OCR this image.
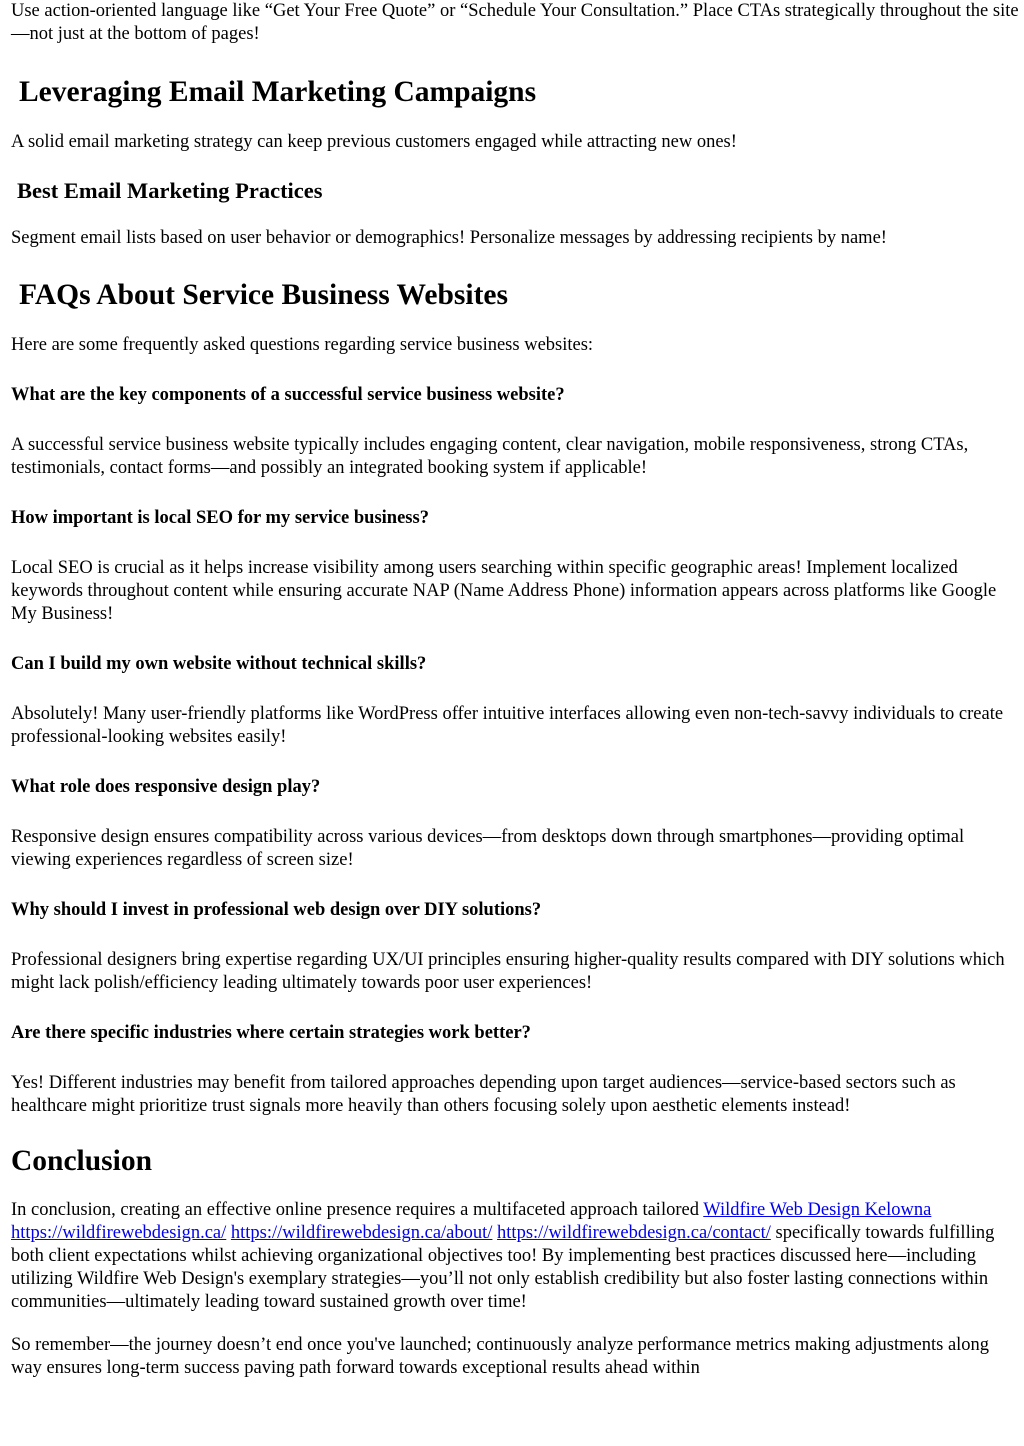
Use action-oriented language like “Get Your Free Quote” or “Schedule Your Consultation.” Place CTAs strategically throughout the site—not just at the bottom of pages!

Leveraging Email Marketing Campaigns

A solid email marketing strategy can keep previous customers engaged while attracting new ones!

Best Email Marketing Practices

Segment email lists based on user behavior or demographics! Personalize messages by addressing recipients by name!

FAQs About Service Business Websites

Here are some frequently asked questions regarding service business websites:

What are the key components of a successful service business website?

A successful service business website typically includes engaging content, clear navigation, mobile responsiveness, strong CTAs, testimonials, contact forms—and possibly an integrated booking system if applicable!

How important is local SEO for my service business?

Local SEO is crucial as it helps increase visibility among users searching within specific geographic areas! Implement localized keywords throughout content while ensuring accurate NAP (Name Address Phone) information appears across platforms like Google My Business!

Can I build my own website without technical skills?

Absolutely! Many user-friendly platforms like WordPress offer intuitive interfaces allowing even non-tech-savvy individuals to create professional-looking websites easily!

What role does responsive design play?

Responsive design ensures compatibility across various devices—from desktops down through smartphones—providing optimal viewing experiences regardless of screen size!

Why should I invest in professional web design over DIY solutions?

Professional designers bring expertise regarding UX/UI principles ensuring higher-quality results compared with DIY solutions which might lack polish/efficiency leading ultimately towards poor user experiences!

Are there specific industries where certain strategies work better?

Yes! Different industries may benefit from tailored approaches depending upon target audiences—service-based sectors such as healthcare might prioritize trust signals more heavily than others focusing solely upon aesthetic elements instead!

Conclusion

In conclusion, creating an effective online presence requires a multifaceted approach tailored Wildfire Web Design Kelowna https://wildfirewebdesign.ca/ https://wildfirewebdesign.ca/about/ https://wildfirewebdesign.ca/contact/ specifically towards fulfilling both client expectations whilst achieving organizational objectives too! By implementing best practices discussed here—including utilizing Wildfire Web Design's exemplary strategies—you’ll not only establish credibility but also foster lasting connections within communities—ultimately leading toward sustained growth over time!

So remember—the journey doesn’t end once you've launched; continuously analyze performance metrics making adjustments along way ensures long-term success paving path forward towards exceptional results ahead within
